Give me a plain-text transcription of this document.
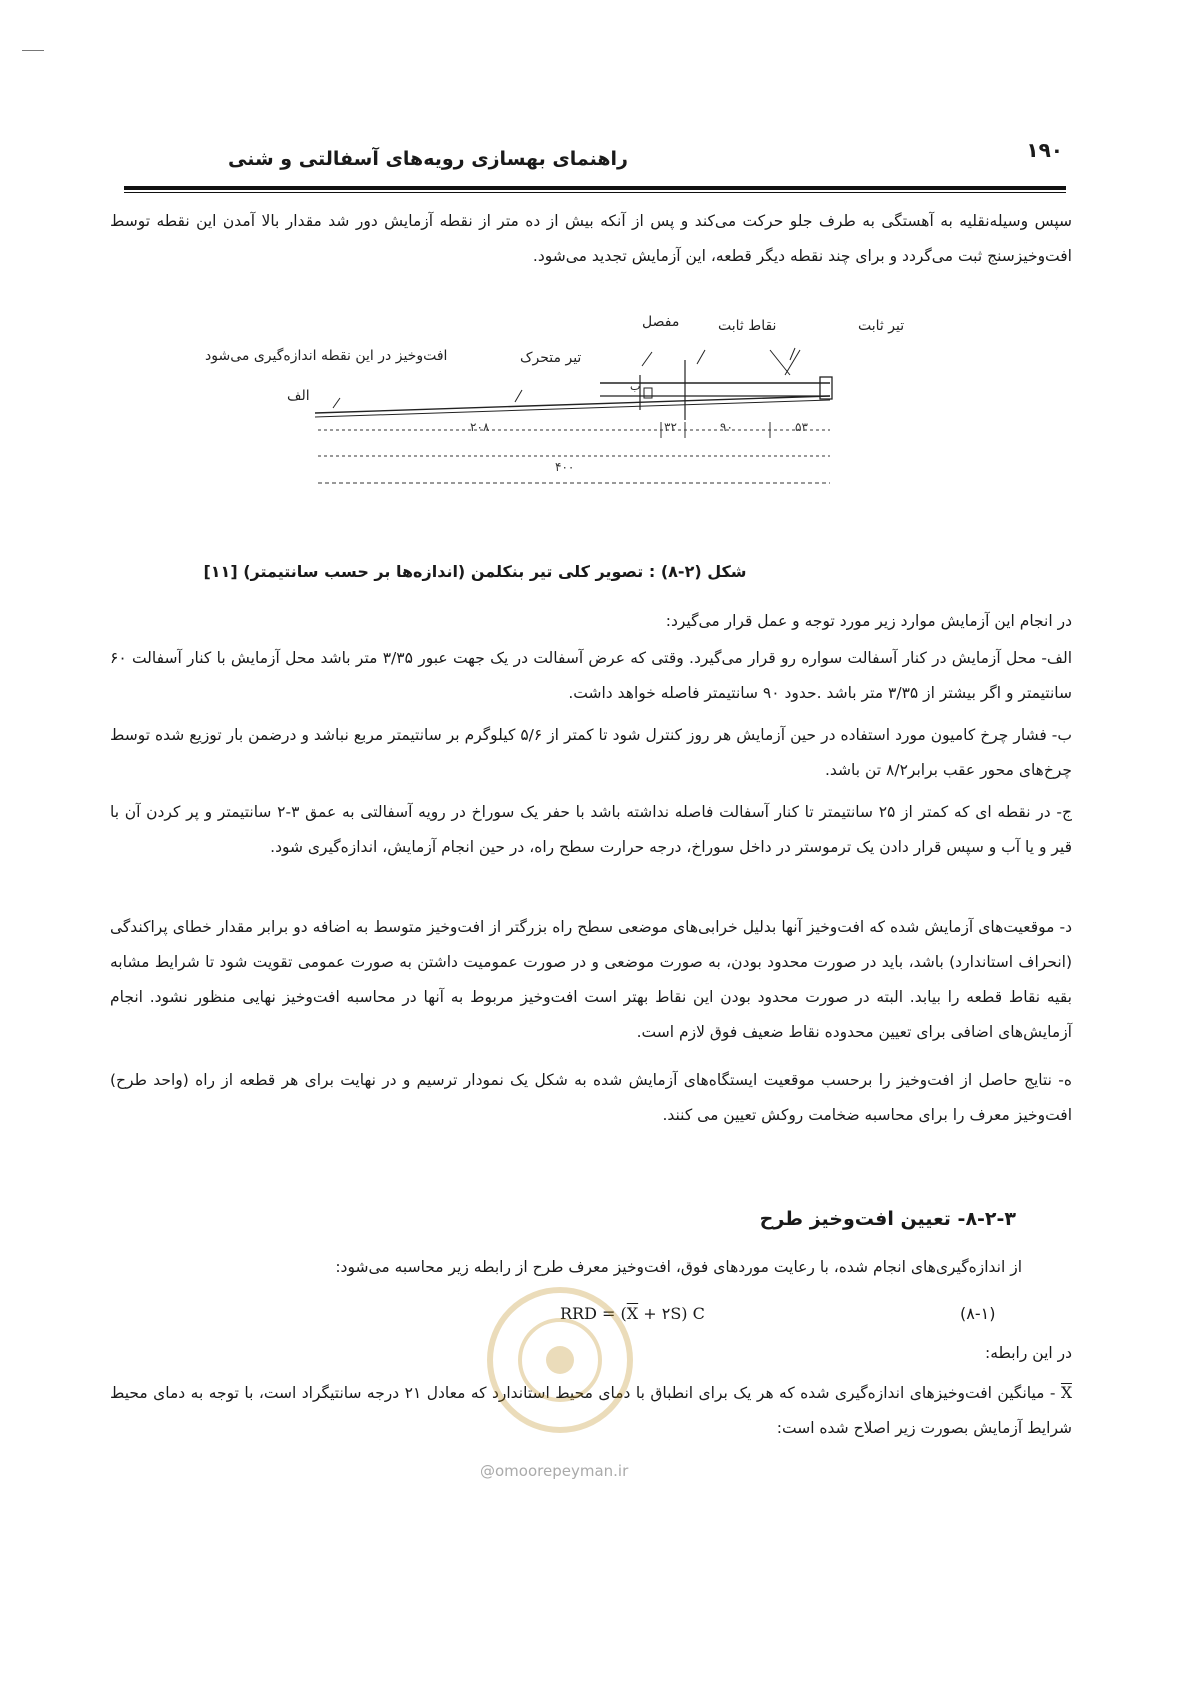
۱۹۰
راهنمای بهسازی رویه‌های آسفالتی و شنی
سپس وسیله‌نقلیه به آهستگی به طرف جلو حرکت می‌کند و پس از آنکه بیش از ده متر از نقطه آزمایش دور شد مقدار بالا آمدن این نقطه توسط افت‌وخیزسنج ثبت می‌گردد و برای چند نقطه دیگر قطعه، این آزمایش تجدید می‌شود.
تیر ثابت
نقاط ثابت
مفصل
تیر متحرک
افت‌وخیز در این نقطه اندازه‌گیری می‌شود
الف
ب
۲۰۸	۳۲	۹۰	۵۳
۴۰۰
شکل (۲-۸) : تصویر کلی تیر بنکلمن (اندازه‌ها بر حسب سانتیمتر) [۱۱]
در انجام این آزمایش موارد زیر مورد توجه و عمل قرار می‌گیرد:
الف- محل آزمایش در کنار آسفالت سواره رو قرار می‌گیرد. وقتی که عرض آسفالت در یک جهت عبور ۳/۳۵ متر باشد محل آزمایش با کنار آسفالت ۶۰ سانتیمتر و اگر بیشتر از ۳/۳۵ متر باشد .حدود ۹۰ سانتیمتر فاصله خواهد داشت.
ب- فشار چرخ کامیون مورد استفاده در حین آزمایش هر روز کنترل شود تا کمتر از ۵/۶ کیلوگرم بر سانتیمتر مربع نباشد و درضمن بار توزیع شده توسط چرخ‌های محور عقب برابر۸/۲ تن باشد.
ج- در نقطه ای که کمتر از ۲۵ سانتیمتر تا کنار آسفالت فاصله نداشته باشد با حفر یک سوراخ در رویه آسفالتی به عمق ۳-۲ سانتیمتر و پر کردن آن با قیر و یا آب و سپس قرار دادن یک ترموستر در داخل سوراخ، درجه حرارت سطح راه، در حین انجام آزمایش، اندازه‌گیری شود.
د- موقعیت‌های آزمایش شده که افت‌وخیز آنها بدلیل خرابی‌های موضعی سطح راه بزرگتر از افت‌وخیز متوسط به اضافه دو برابر مقدار خطای پراکندگی (انحراف استاندارد) باشد، باید در صورت محدود بودن، به صورت موضعی و در صورت عمومیت داشتن به صورت عمومی تقویت شود تا شرایط مشابه بقیه نقاط قطعه را بیابد. البته در صورت محدود بودن این نقاط بهتر است افت‌وخیز مربوط به آنها در محاسبه افت‌وخیز نهایی منظور نشود. انجام آزمایش‌های اضافی برای تعیین محدوده نقاط ضعیف فوق لازم است.
ه- نتایج حاصل از افت‌وخیز را برحسب موقعیت ایستگاه‌های آزمایش شده به شکل یک نمودار ترسیم و در نهایت برای هر قطعه از راه (واحد طرح) افت‌وخیز معرف را برای محاسبه ضخامت روکش تعیین می کنند.
۸-۲-۳- تعیین افت‌وخیز طرح
از اندازه‌گیری‌های انجام شده، با رعایت موردهای فوق، افت‌وخیز معرف طرح از رابطه زیر محاسبه می‌شود:
RRD = ($\overline{X}$ + ۲S) C	(۸-۱)
در این رابطه:
X - میانگین افت‌وخیزهای اندازه‌گیری شده که هر یک برای انطباق با دمای محیط استاندارد که معادل ۲۱ درجه سانتیگراد است، با توجه به دمای محیط شرایط آزمایش بصورت زیر اصلاح شده است:
@omoorepeyman.ir
